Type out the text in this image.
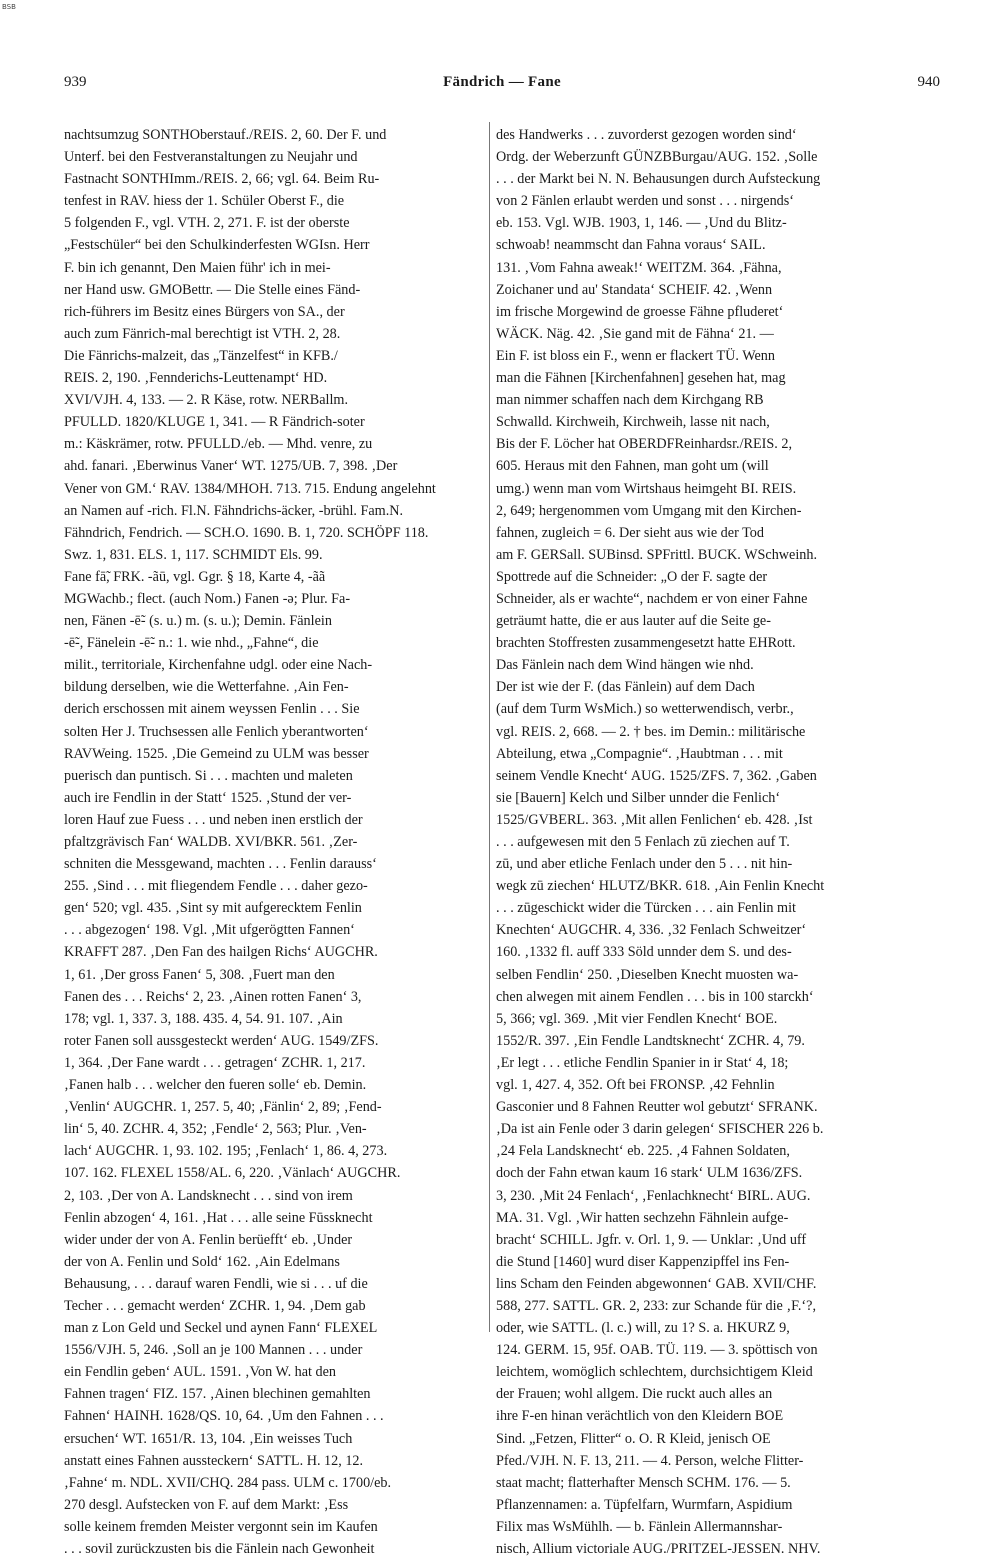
BSB
939	Fändrich — Fane	940
nachtsumzug SONTHOberstauf./REIS. 2, 60. Der F. und
Unterf. bei den Festveranstaltungen zu Neujahr und
Fastnacht SONTHImm./REIS. 2, 66; vgl. 64. Beim Ru-
tenfest in RAV. hiess der 1. Schüler Oberst F., die
5 folgenden F., vgl. VTH. 2, 271. F. ist der oberste
„Festschüler“ bei den Schulkinderfesten WGIsn. Herr
F. bin ich genannt, Den Maien führ' ich in mei-
ner Hand usw. GMOBettr. — Die Stelle eines Fänd-
rich-führers im Besitz eines Bürgers von SA., der
auch zum Fänrich-mal berechtigt ist VTH. 2, 28.
Die Fänrichs-malzeit, das „Tänzelfest“ in KFB./
REIS. 2, 190. ‚Fennderichs-Leuttenampt‘ HD.
XVI/VJH. 4, 133. — 2. R Käse, rotw. NERBallm.
PFULLD. 1820/KLUGE 1, 341. — R Fändrich-soter
m.: Käskrämer, rotw. PFULLD./eb. — Mhd. venre, zu
ahd. fanari. ‚Eberwinus Vaner‘ WT. 1275/UB. 7, 398. ‚Der
Vener von GM.‘ RAV. 1384/MHOH. 713. 715. Endung angelehnt
an Namen auf -rich. Fl.N. Fähndrichs-äcker, -brühl. Fam.N.
Fähndrich, Fendrich. — SCH.O. 1690. B. 1, 720. SCHÖPF 118.
Swz. 1, 831. ELS. 1, 117. SCHMIDT Els. 99.
Fane fā̃, FRK. -ãū, vgl. Ggr. § 18, Karte 4, -ãã
MGWachb.; flect. (auch Nom.) Fanen -ə; Plur. Fa-
nen, Fänen -ē̃- (s. u.) m. (s. u.); Demin. Fänlein
-ē̃-, Fänelein -ē̃- n.: 1. wie nhd., „Fahne“, die
milit., territoriale, Kirchenfahne udgl. oder eine Nach-
bildung derselben, wie die Wetterfahne. ‚Ain Fen-
derich erschossen mit ainem weyssen Fenlin . . . Sie
solten Her J. Truchsessen alle Fenlich yberantworten‘
RAVWeing. 1525. ‚Die Gemeind zu ULM was besser
puerisch dan puntisch. Si . . . machten und maleten
auch ire Fendlin in der Statt‘ 1525. ‚Stund der ver-
loren Hauf zue Fuess . . . und neben inen erstlich der
pfaltzgrävisch Fan‘ WALDB. XVI/BKR. 561. ‚Zer-
schniten die Messgewand, machten . . . Fenlin darauss‘
255. ‚Sind . . . mit fliegendem Fendle . . . daher gezo-
gen‘ 520; vgl. 435. ‚Sint sy mit aufgerecktem Fenlin
. . . abgezogen‘ 198. Vgl. ‚Mit ufgerögtten Fannen‘
KRAFFT 287. ‚Den Fan des hailgen Richs‘ AUGCHR.
1, 61. ‚Der gross Fanen‘ 5, 308. ‚Fuert man den
Fanen des . . . Reichs‘ 2, 23. ‚Ainen rotten Fanen‘ 3,
178; vgl. 1, 337. 3, 188. 435. 4, 54. 91. 107. ‚Ain
roter Fanen soll aussgesteckt werden‘ AUG. 1549/ZFS.
1, 364. ‚Der Fane wardt . . . getragen‘ ZCHR. 1, 217.
‚Fanen halb . . . welcher den fueren solle‘ eb. Demin.
‚Venlin‘ AUGCHR. 1, 257. 5, 40; ‚Fänlin‘ 2, 89; ‚Fend-
lin‘ 5, 40. ZCHR. 4, 352; ‚Fendle‘ 2, 563; Plur. ‚Ven-
lach‘ AUGCHR. 1, 93. 102. 195; ‚Fenlach‘ 1, 86. 4, 273.
107. 162. FLEXEL 1558/AL. 6, 220. ‚Vänlach‘ AUGCHR.
2, 103. ‚Der von A. Landsknecht . . . sind von irem
Fenlin abzogen‘ 4, 161. ‚Hat . . . alle seine Fūssknecht
wider under der von A. Fenlin berüefft‘ eb. ‚Under
der von A. Fenlin und Sold‘ 162. ‚Ain Edelmans
Behausung, . . . darauf waren Fendli, wie si . . . uf die
Techer . . . gemacht werden‘ ZCHR. 1, 94. ‚Dem gab
man z Lon Geld und Seckel und aynen Fann‘ FLEXEL
1556/VJH. 5, 246. ‚Soll an je 100 Mannen . . . under
ein Fendlin geben‘ AUL. 1591. ‚Von W. hat den
Fahnen tragen‘ FIZ. 157. ‚Ainen blechinen gemahlten
Fahnen‘ HAINH. 1628/QS. 10, 64. ‚Um den Fahnen . . .
ersuchen‘ WT. 1651/R. 13, 104. ‚Ein weisses Tuch
anstatt eines Fahnen aussteckern‘ SATTL. H. 12, 12.
‚Fahne‘ m. NDL. XVII/CHQ. 284 pass. ULM c. 1700/eb.
270 desgl. Aufstecken von F. auf dem Markt: ‚Ess
solle keinem fremden Meister vergonnt sein im Kaufen
. . . sovil zurückzusten bis die Fänlein nach Gewonheit
des Handwerks . . . zuvorderst gezogen worden sind‘
Ordg. der Weberzunft GÜNZBBurgau/AUG. 152. ‚Solle
. . . der Markt bei N. N. Behausungen durch Aufsteckung
von 2 Fänlen erlaubt werden und sonst . . . nirgends‘
eb. 153. Vgl. WJB. 1903, 1, 146. — ‚Und du Blitz-
schwoab! neammscht dan Fahna voraus‘ SAIL.
131. ‚Vom Fahna aweak!‘ WEITZM. 364. ‚Fähna,
Zoichaner und au' Standata‘ SCHEIF. 42. ‚Wenn
im frische Morgewind de groesse Fähne pfluderet‘
WÄCK. Näg. 42. ‚Sie gand mit de Fähna‘ 21. —
Ein F. ist bloss ein F., wenn er flackert TÜ. Wenn
man die Fähnen [Kirchenfahnen] gesehen hat, mag
man nimmer schaffen nach dem Kirchgang RB
Schwalld. Kirchweih, Kirchweih, lasse nit nach,
Bis der F. Löcher hat OBERDFReinhardsr./REIS. 2,
605. Heraus mit den Fahnen, man goht um (will
umg.) wenn man vom Wirtshaus heimgeht BI. REIS.
2, 649; hergenommen vom Umgang mit den Kirchen-
fahnen, zugleich = 6. Der sieht aus wie der Tod
am F. GERSall. SUBinsd. SPFrittl. BUCK. WSchweinh.
Spottrede auf die Schneider: „O der F. sagte der
Schneider, als er wachte“, nachdem er von einer Fahne
geträumt hatte, die er aus lauter auf die Seite ge-
brachten Stoffresten zusammengesetzt hatte EHRott.
Das Fänlein nach dem Wind hängen wie nhd.
Der ist wie der F. (das Fänlein) auf dem Dach
(auf dem Turm WsMich.) so wetterwendisch, verbr.,
vgl. REIS. 2, 668. — 2. † bes. im Demin.: militärische
Abteilung, etwa „Compagnie“. ‚Haubtman . . . mit
seinem Vendle Knecht‘ AUG. 1525/ZFS. 7, 362. ‚Gaben
sie [Bauern] Kelch und Silber unnder die Fenlich‘
1525/GVBERL. 363. ‚Mit allen Fenlichen‘ eb. 428. ‚Ist
. . . aufgewesen mit den 5 Fenlach zū ziechen auf T.
zū, und aber etliche Fenlach under den 5 . . . nit hin-
wegk zū ziechen‘ HLUTZ/BKR. 618. ‚Ain Fenlin Knecht
. . . zūgeschickt wider die Türcken . . . ain Fenlin mit
Knechten‘ AUGCHR. 4, 336. ‚32 Fenlach Schweitzer‘
160. ‚1332 fl. auff 333 Söld unnder dem S. und des-
selben Fendlin‘ 250. ‚Dieselben Knecht muosten wa-
chen alwegen mit ainem Fendlen . . . bis in 100 starckh‘
5, 366; vgl. 369. ‚Mit vier Fendlen Knecht‘ BOE.
1552/R. 397. ‚Ein Fendle Landtsknecht‘ ZCHR. 4, 79.
‚Er legt . . . etliche Fendlin Spanier in ir Stat‘ 4, 18;
vgl. 1, 427. 4, 352. Oft bei FRONSP. ‚42 Fehnlin
Gasconier und 8 Fahnen Reutter wol gebutzt‘ SFRANK.
‚Da ist ain Fenle oder 3 darin gelegen‘ SFISCHER 226 b.
‚24 Fela Landsknecht‘ eb. 225. ‚4 Fahnen Soldaten,
doch der Fahn etwan kaum 16 stark‘ ULM 1636/ZFS.
3, 230. ‚Mit 24 Fenlach‘, ‚Fenlachknecht‘ BIRL. AUG.
MA. 31. Vgl. ‚Wir hatten sechzehn Fähnlein aufge-
bracht‘ SCHILL. Jgfr. v. Orl. 1, 9. — Unklar: ‚Und uff
die Stund [1460] wurd diser Kappenzipffel ins Fen-
lins Scham den Feinden abgewonnen‘ GAB. XVII/CHF.
588, 277. SATTL. GR. 2, 233: zur Schande für die ‚F.‘?,
oder, wie SATTL. (l. c.) will, zu 1? S. a. HKURZ 9,
124. GERM. 15, 95f. OAB. TÜ. 119. — 3. spöttisch von
leichtem, womöglich schlechtem, durchsichtigem Kleid
der Frauen; wohl allgem. Die ruckt auch alles an
ihre F-en hinan verächtlich von den Kleidern BOE
Sind. „Fetzen, Flitter“ o. O. R Kleid, jenisch OE
Pfed./VJH. N. F. 13, 211. — 4. Person, welche Flitter-
staat macht; flatterhafter Mensch SCHM. 176. — 5.
Pflanzennamen: a. Tüpfelfarn, Wurmfarn, Aspidium
Filix mas WsMühlh. — b. Fänlein Allermannshar-
nisch, Allium victoriale AUG./PRITZEL-JESSEN. NHV.
